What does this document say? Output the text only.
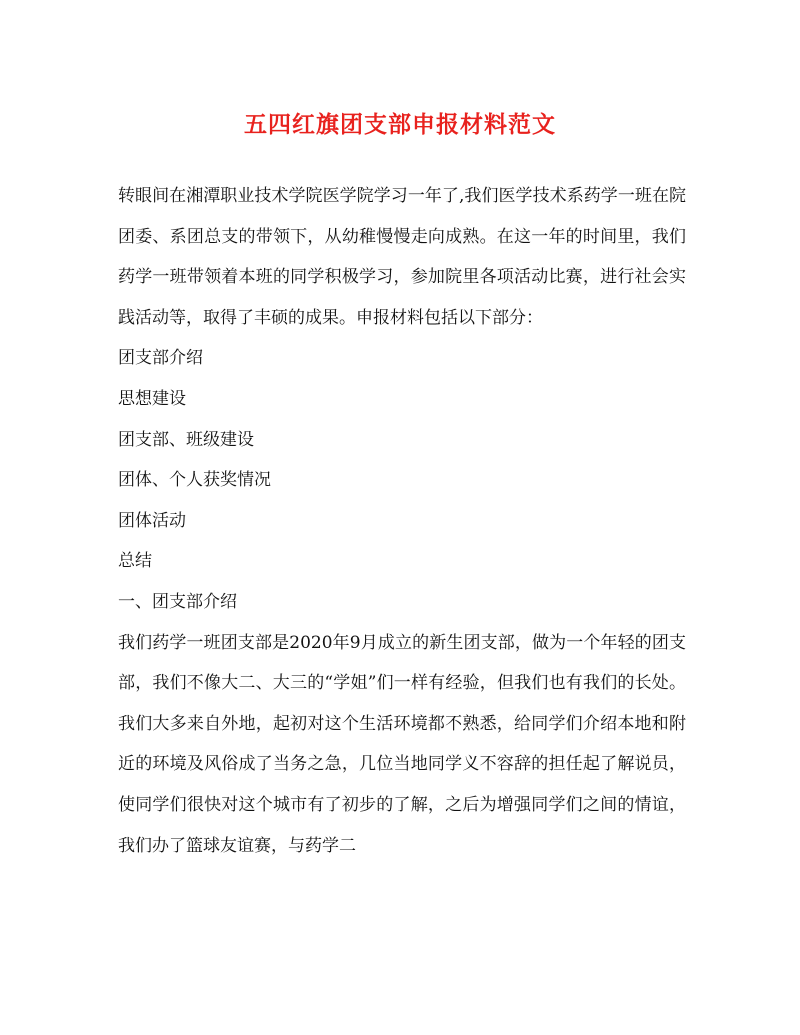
五四红旗团支部申报材料范文

转眼间在湘潭职业技术学院医学院学习一年了,我们医学技术系药学一班在院团委、系团总支的带领下，从幼稚慢慢走向成熟。在这一年的时间里，我们药学一班带领着本班的同学积极学习，参加院里各项活动比赛，进行社会实践活动等，取得了丰硕的成果。申报材料包括以下部分：

团支部介绍

思想建设

团支部、班级建设

团体、个人获奖情况

团体活动

总结

一、团支部介绍

我们药学一班团支部是2020年9月成立的新生团支部，做为一个年轻的团支部，我们不像大二、大三的“学姐”们一样有经验，但我们也有我们的长处。我们大多来自外地，起初对这个生活环境都不熟悉，给同学们介绍本地和附近的环境及风俗成了当务之急，几位当地同学义不容辞的担任起了解说员，使同学们很快对这个城市有了初步的了解，之后为增强同学们之间的情谊，我们办了篮球友谊赛，与药学二
